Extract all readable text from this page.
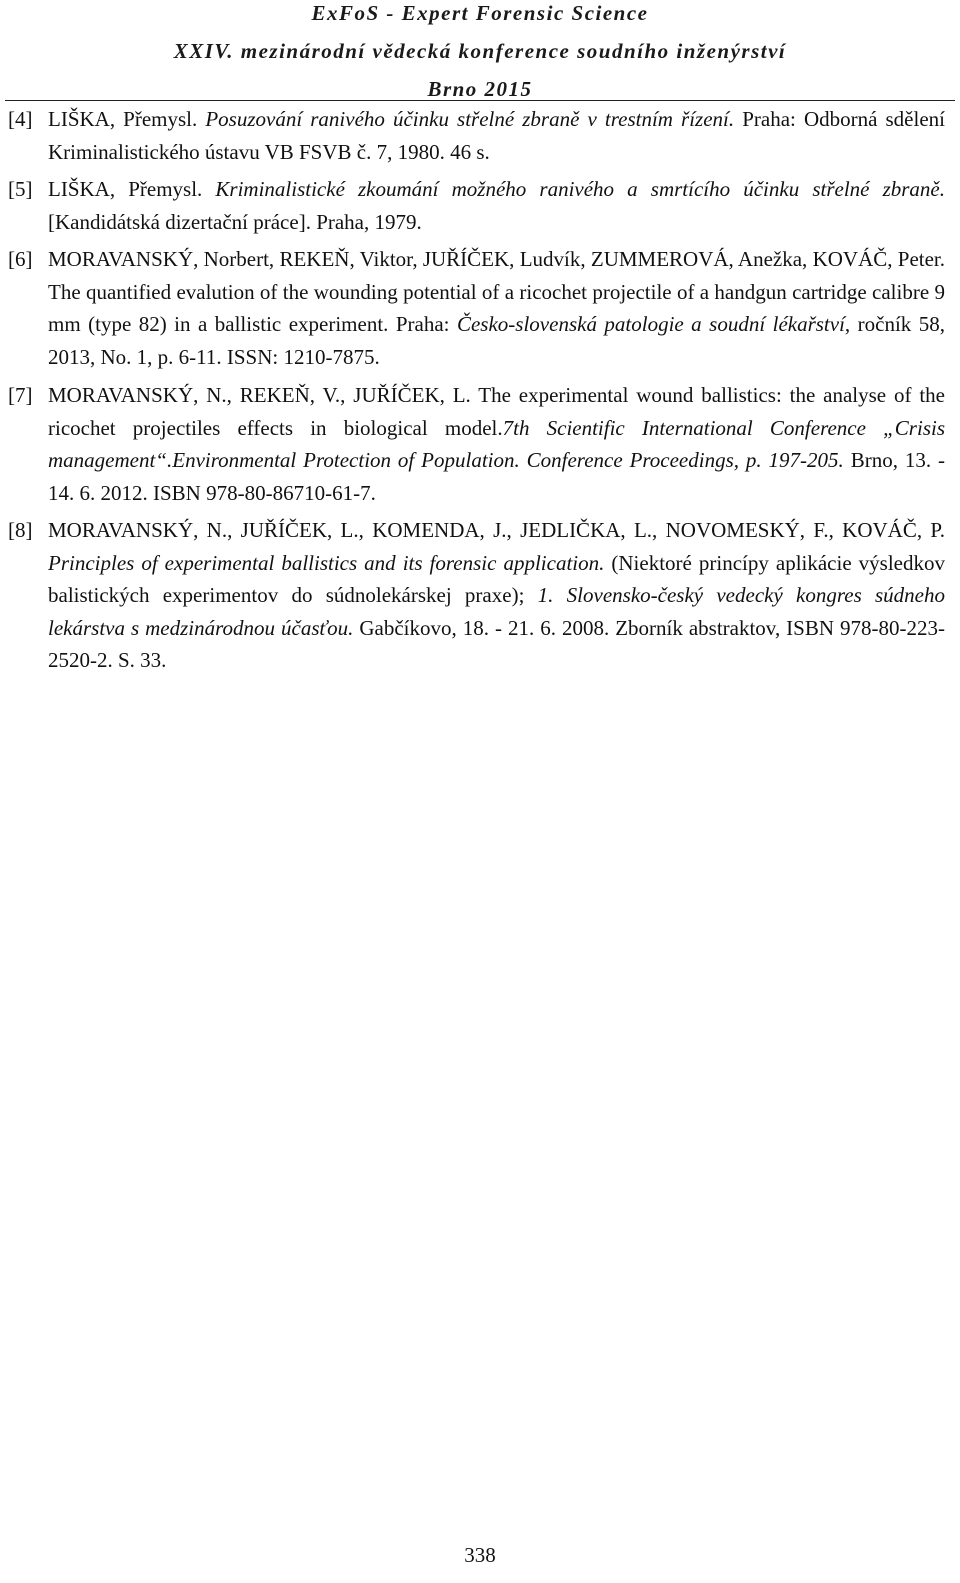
ExFoS - Expert Forensic Science
XXIV. mezinárodní vědecká konference soudního inženýrství
Brno 2015
[4] LIŠKA, Přemysl. Posuzování ranivého účinku střelné zbraně v trestním řízení. Praha: Odborná sdělení Kriminalistického ústavu VB FSVB č. 7, 1980. 46 s.
[5] LIŠKA, Přemysl. Kriminalistické zkoumání možného ranivého a smrtícího účinku střelné zbraně. [Kandidátská dizertační práce]. Praha, 1979.
[6] MORAVANSKÝ, Norbert, REKEŇ, Viktor, JUŘÍČEK, Ludvík, ZUMMEROVÁ, Anežka, KOVÁČ, Peter. The quantified evalution of the wounding potential of a ricochet projectile of a handgun cartridge calibre 9 mm (type 82) in a ballistic experiment. Praha: Česko-slovenská patologie a soudní lékařství, ročník 58, 2013, No. 1, p. 6-11. ISSN: 1210-7875.
[7] MORAVANSKÝ, N., REKEŇ, V., JUŘÍČEK, L. The experimental wound ballistics: the analyse of the ricochet projectiles effects in biological model.7th Scientific International Conference „Crisis management“.Environmental Protection of Population. Conference Proceedings, p. 197-205. Brno, 13. - 14. 6. 2012. ISBN 978-80-86710-61-7.
[8] MORAVANSKÝ, N., JUŘÍČEK, L., KOMENDA, J., JEDLIČKA, L., NOVOMESKÝ, F., KOVÁČ, P. Principles of experimental ballistics and its forensic application. (Niektoré princípy aplikácie výsledkov balistických experimentov do súdnolekárskej praxe); 1. Slovensko-český vedecký kongres súdneho lekárstva s medzinárodnou účasťou. Gabčíkovo, 18. - 21. 6. 2008. Zborník abstraktov, ISBN 978-80-223-2520-2. S. 33.
338
